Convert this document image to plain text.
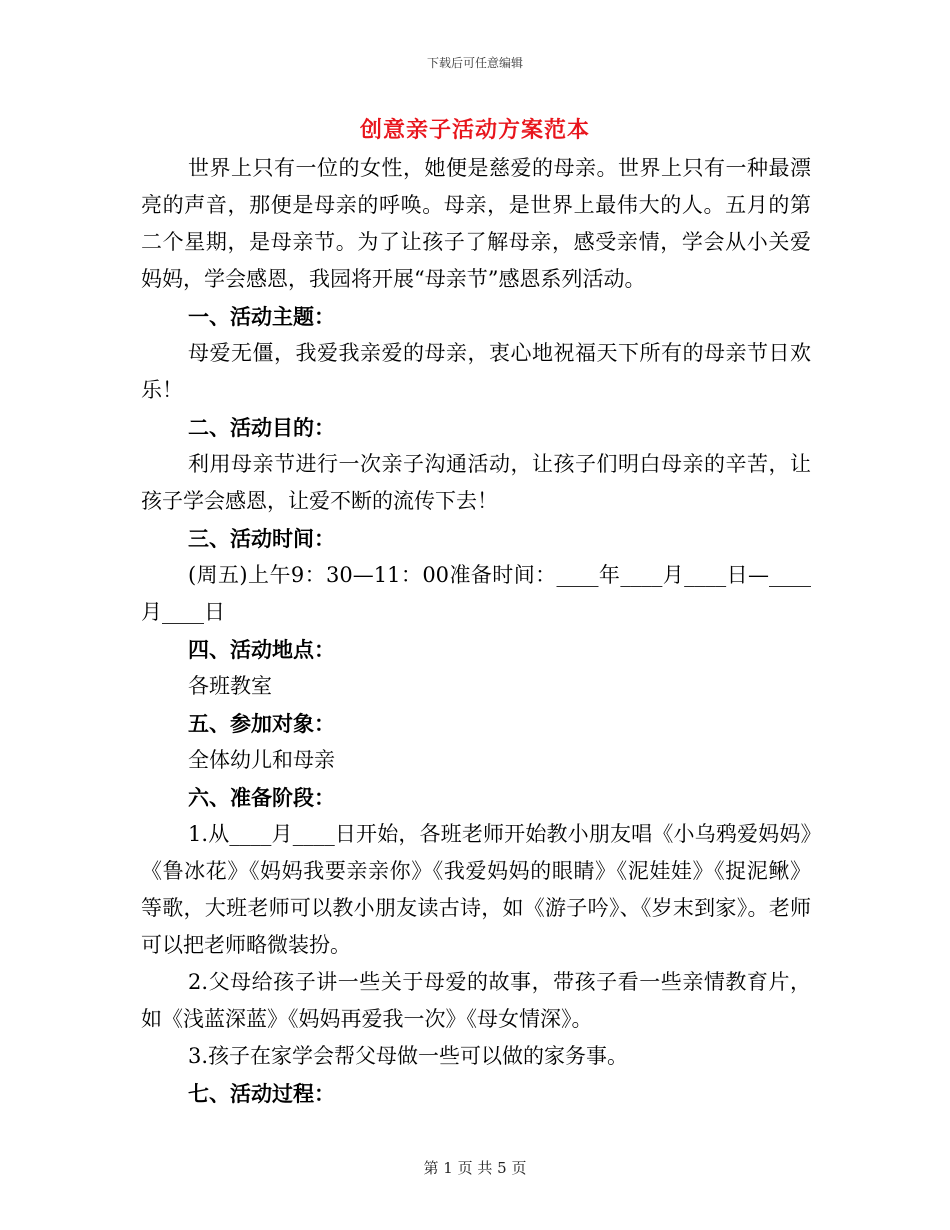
下载后可任意编辑
创意亲子活动方案范本

世界上只有一位的女性，她便是慈爱的母亲。世界上只有一种最漂亮的声音，那便是母亲的呼唤。母亲，是世界上最伟大的人。五月的第二个星期，是母亲节。为了让孩子了解母亲，感受亲情，学会从小关爱妈妈，学会感恩，我园将开展“母亲节”感恩系列活动。

一、活动主题：

母爱无僵，我爱我亲爱的母亲，衷心地祝福天下所有的母亲节日欢乐！

二、活动目的：

利用母亲节进行一次亲子沟通活动，让孩子们明白母亲的辛苦，让孩子学会感恩，让爱不断的流传下去！

三、活动时间：

(周五)上午9：30—11：00准备时间：____年____月____日—____月____日

四、活动地点：

各班教室

五、参加对象：

全体幼儿和母亲

六、准备阶段：

1.从____月____日开始，各班老师开始教小朋友唱《小乌鸦爱妈妈》《鲁冰花》《妈妈我要亲亲你》《我爱妈妈的眼睛》《泥娃娃》《捉泥鳅》等歌，大班老师可以教小朋友读古诗，如《游子吟》、《岁末到家》。老师可以把老师略微装扮。

2.父母给孩子讲一些关于母爱的故事，带孩子看一些亲情教育片，如《浅蓝深蓝》《妈妈再爱我一次》《母女情深》。

3.孩子在家学会帮父母做一些可以做的家务事。

七、活动过程：

第 1 页 共 5 页
